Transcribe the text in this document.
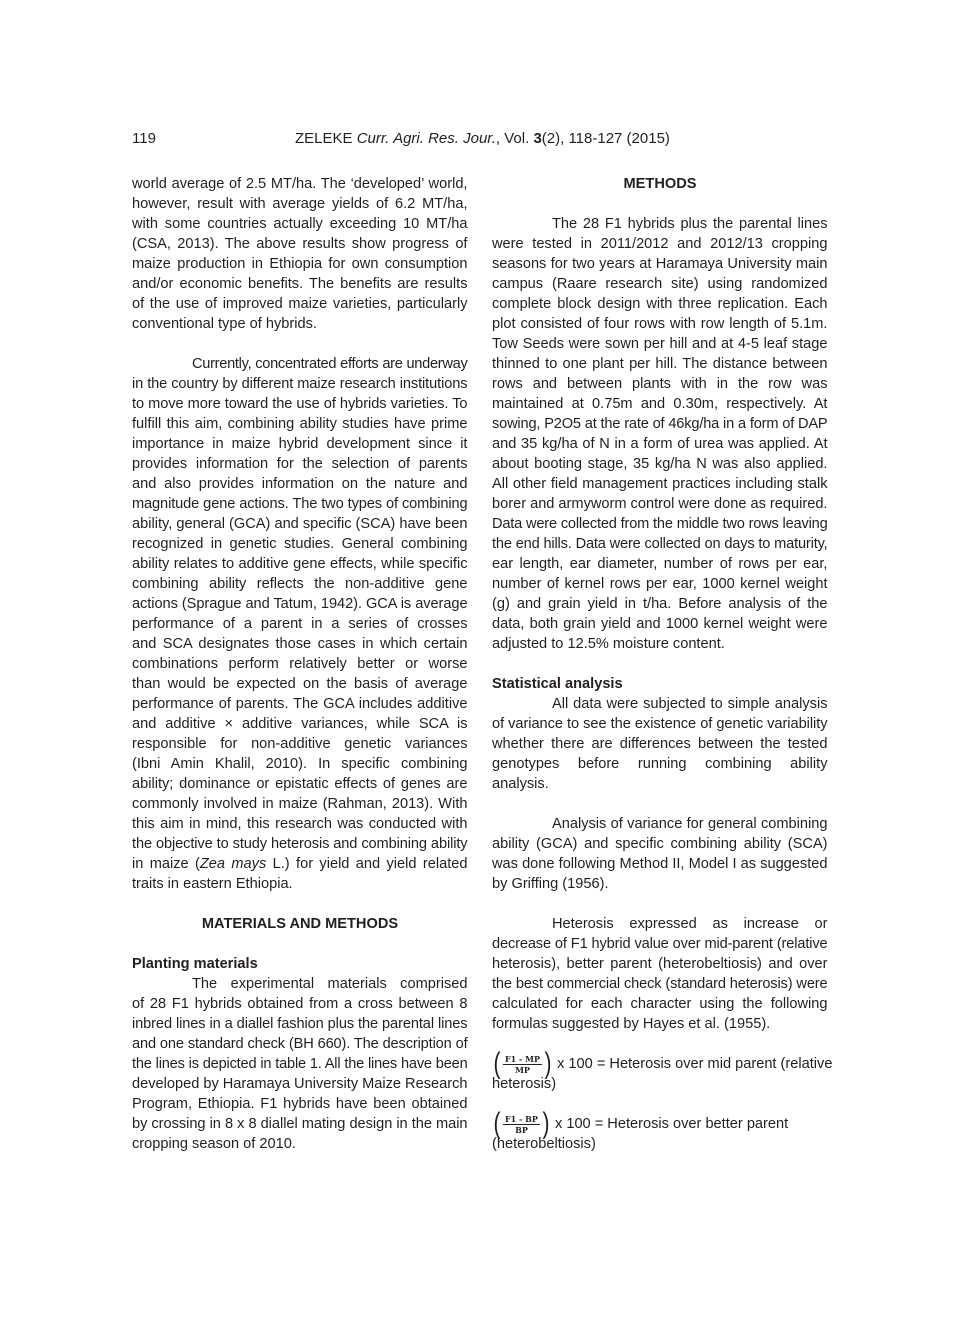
119	ZELEKE Curr. Agri. Res. Jour., Vol. 3(2), 118-127 (2015)
world average of 2.5 MT/ha. The ‘developed’ world,
however, result with average yields of 6.2 MT/ha,
with some countries actually exceeding 10 MT/ha
(CSA, 2013). The above results show progress of
maize production in Ethiopia for own consumption
and/or economic benefits. The benefits are results
of the use of improved maize varieties, particularly
conventional type of hybrids.
Currently, concentrated efforts are underway
in the country by different maize research institutions
to move more toward the use of hybrids varieties. To
fulfill this aim, combining ability studies have prime
importance in maize hybrid development since it
provides information for the selection of parents
and also provides information on the nature and
magnitude gene actions. The two types of combining
ability, general (GCA) and specific (SCA) have been
recognized in genetic studies. General combining
ability relates to additive gene effects, while specific
combining ability reflects the non-additive gene
actions (Sprague and Tatum, 1942). GCA is average
performance of a parent in a series of crosses
and SCA designates those cases in which certain
combinations perform relatively better or worse
than would be expected on the basis of average
performance of parents. The GCA includes additive
and additive × additive variances, while SCA is
responsible for non-additive genetic variances
(Ibni Amin Khalil, 2010). In specific combining
ability; dominance or epistatic effects of genes are
commonly involved in maize (Rahman, 2013). With
this aim in mind, this research was conducted with
the objective to study heterosis and combining ability
in maize (Zea mays L.) for yield and yield related
traits in eastern Ethiopia.
MATERIALS AND METHODS
Planting materials
The experimental materials comprised
of 28 F1 hybrids obtained from a cross between 8
inbred lines in a diallel fashion plus the parental lines
and one standard check (BH 660). The description of
the lines is depicted in table 1. All the lines have been
developed by Haramaya University Maize Research
Program, Ethiopia. F1 hybrids have been obtained
by crossing in 8 x 8 diallel mating design in the main
cropping season of 2010.
METHODS
The 28 F1 hybrids plus the parental lines
were tested in 2011/2012 and 2012/13 cropping
seasons for two years at Haramaya University main
campus (Raare research site) using randomized
complete block design with three replication. Each
plot consisted of four rows with row length of 5.1m.
Tow Seeds were sown per hill and at 4-5 leaf stage
thinned to one plant per hill. The distance between
rows and between plants with in the row was
maintained at 0.75m and 0.30m, respectively. At
sowing, P2O5 at the rate of 46kg/ha in a form of DAP
and 35 kg/ha of N in a form of urea was applied. At
about booting stage, 35 kg/ha N was also applied.
All other field management practices including stalk
borer and armyworm control were done as required.
Data were collected from the middle two rows leaving
the end hills. Data were collected on days to maturity,
ear length, ear diameter, number of rows per ear,
number of kernel rows per ear, 1000 kernel weight
(g) and grain yield in t/ha. Before analysis of the
data, both grain yield and 1000 kernel weight were
adjusted to 12.5% moisture content.
Statistical analysis
All data were subjected to simple analysis
of variance to see the existence of genetic variability
whether there are differences between the tested
genotypes before running combining ability
analysis.
Analysis of variance for general combining
ability (GCA) and specific combining ability (SCA)
was done following Method II, Model I as suggested
by Griffing (1956).
Heterosis expressed as increase or
decrease of F1 hybrid value over mid-parent (relative
heterosis), better parent (heterobeltiosis) and over
the best commercial check (standard heterosis) were
calculated for each character using the following
formulas suggested by Hayes et al. (1955).
( $\frac{F1 - MP}{MP}$ ) x 100 = Heterosis over mid parent (relative
heterosis)
( $\frac{F1 - BP}{BP}$ ) x 100 = Heterosis over better parent
(heterobeltiosis)
